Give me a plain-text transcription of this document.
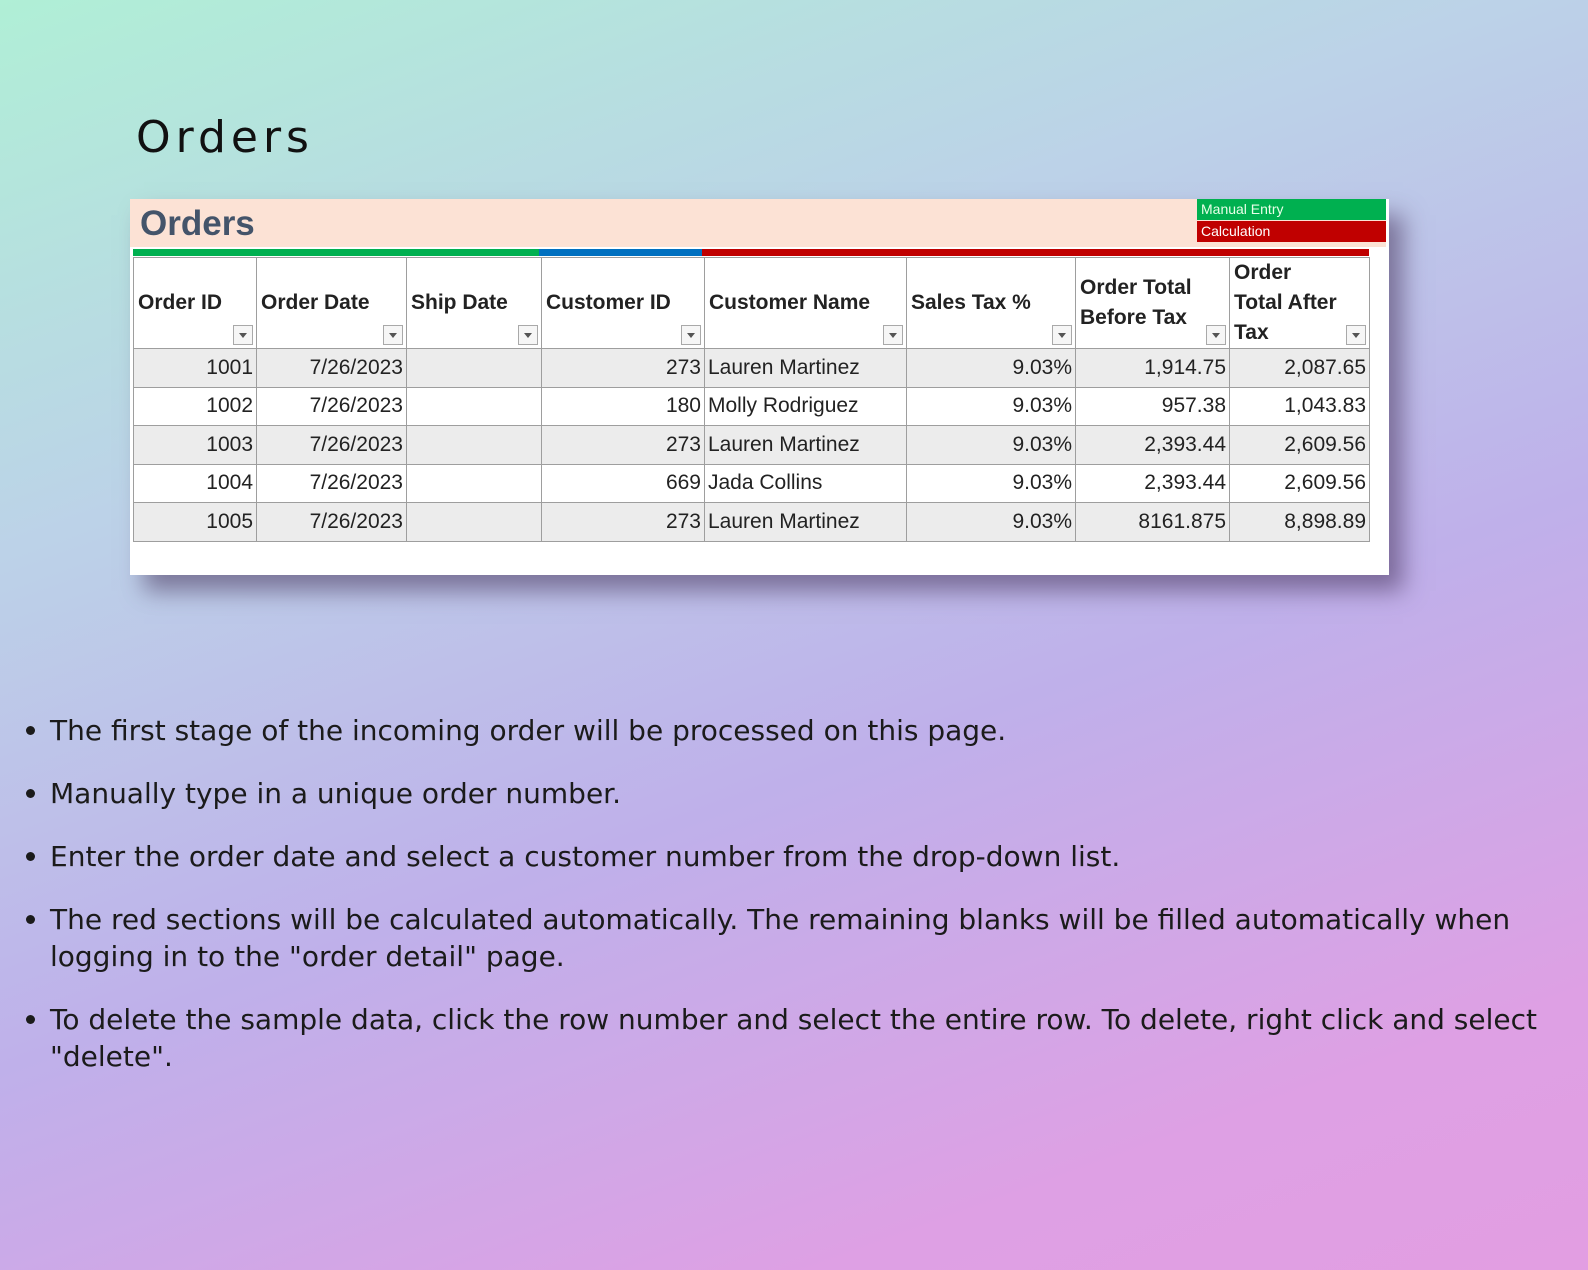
Orders
Orders	Manual Entry
Calculation
Order ID	Order Date	Ship Date	Customer ID	Customer Name	Sales Tax %	Order Total Before Tax	Order Total After Tax

1001	7/26/2023		273	Lauren Martinez	9.03%	1,914.75	2,087.65
1002	7/26/2023		180	Molly Rodriguez	9.03%	957.38	1,043.83
1003	7/26/2023		273	Lauren Martinez	9.03%	2,393.44	2,609.56
1004	7/26/2023		669	Jada Collins	9.03%	2,393.44	2,609.56
1005	7/26/2023		273	Lauren Martinez	9.03%	8161.875	8,898.89
The first stage of the incoming order will be processed on this page.
Manually type in a unique order number.
Enter the order date and select a customer number from the drop-down list.
The red sections will be calculated automatically. The remaining blanks will be filled automatically when logging in to the "order detail" page.
To delete the sample data, click the row number and select the entire row. To delete, right click and select "delete".
